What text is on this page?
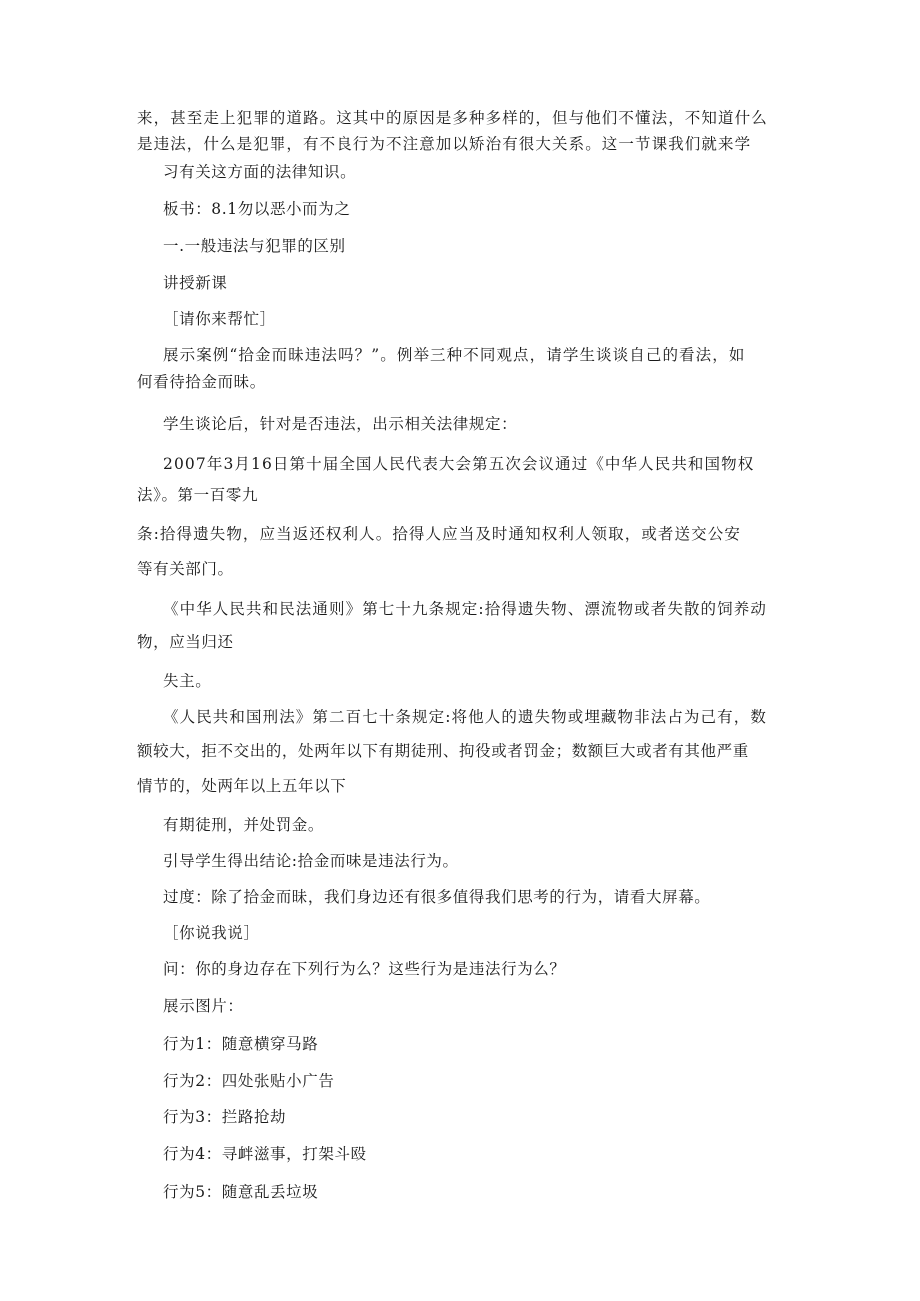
来，甚至走上犯罪的道路。这其中的原因是多种多样的，但与他们不懂法，不知道什么
是违法，什么是犯罪，有不良行为不注意加以矫治有很大关系。这一节课我们就来学
习有关这方面的法律知识。
板书：8.1勿以恶小而为之
一.一般违法与犯罪的区别
讲授新课
［请你来帮忙］
展示案例“拾金而昧违法吗？”。例举三种不同观点，请学生谈谈自己的看法，如
何看待拾金而昧。
学生谈论后，针对是否违法，出示相关法律规定：
2007年3月16日第十届全国人民代表大会第五次会议通过《中华人民共和国物权
法》。第一百零九
条:拾得遗失物，应当返还权利人。拾得人应当及时通知权利人领取，或者送交公安
等有关部门。
《中华人民共和民法通则》第七十九条规定:拾得遗失物、漂流物或者失散的饲养动
物，应当归还
失主。
《人民共和国刑法》第二百七十条规定:将他人的遗失物或埋藏物非法占为己有，数
额较大，拒不交出的，处两年以下有期徒刑、拘役或者罚金；数额巨大或者有其他严重
情节的，处两年以上五年以下
有期徒刑，并处罚金。
引导学生得出结论:拾金而味是违法行为。
过度：除了拾金而昧，我们身边还有很多值得我们思考的行为，请看大屏幕。
［你说我说］
问：你的身边存在下列行为么？这些行为是违法行为么？
展示图片：
行为1：随意横穿马路
行为2：四处张贴小广告
行为3：拦路抢劫
行为4：寻衅滋事，打架斗殴
行为5：随意乱丢垃圾
